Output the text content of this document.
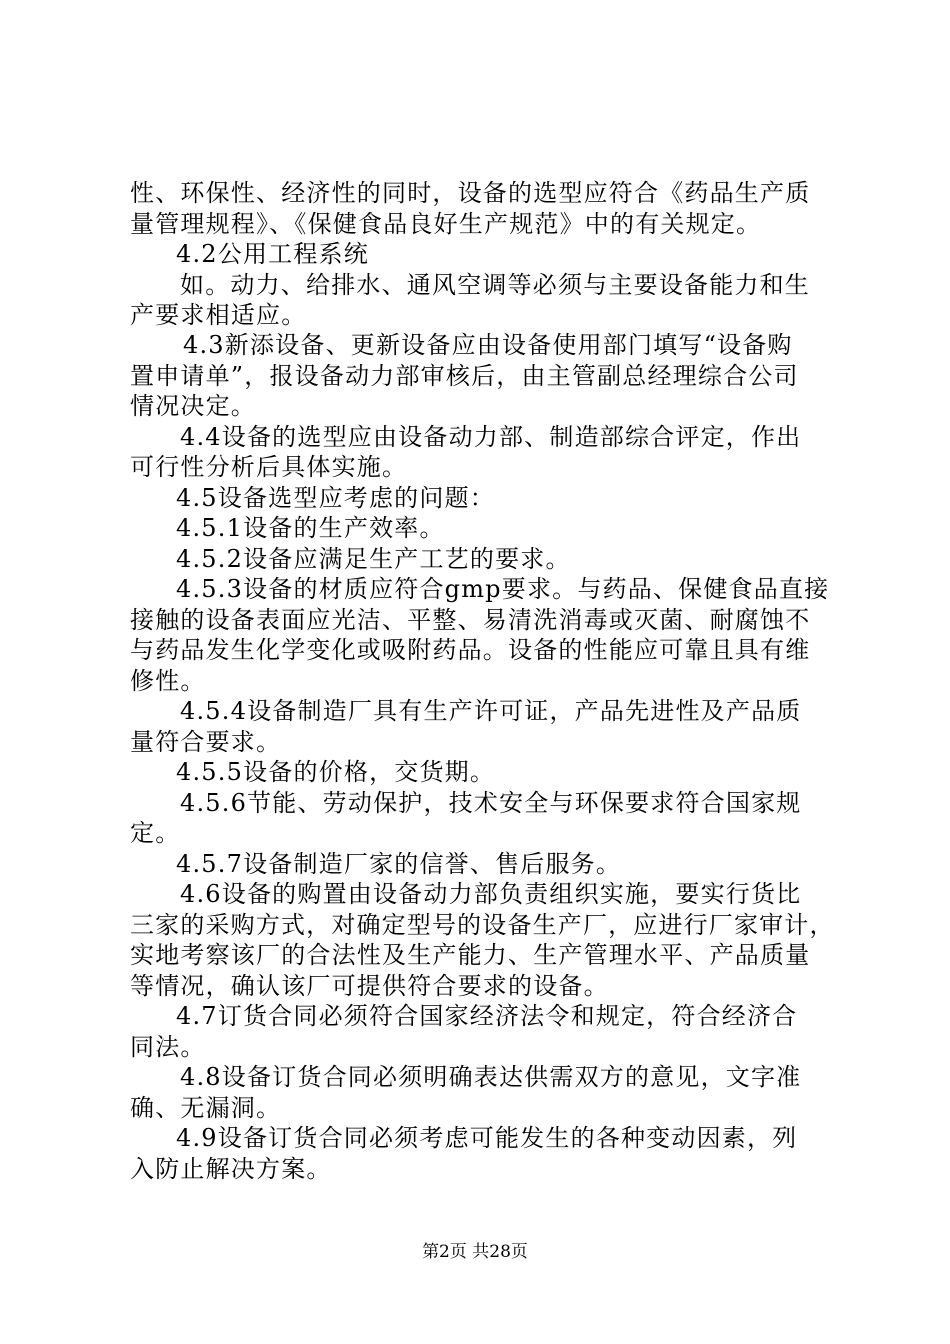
性、环保性、经济性的同时，设备的选型应符合《药品生产质
量管理规程》、《保健食品良好生产规范》中的有关规定。
4.2公用工程系统
如。动力、给排水、通风空调等必须与主要设备能力和生
产要求相适应。
4.3新添设备、更新设备应由设备使用部门填写“设备购
置申请单”，报设备动力部审核后，由主管副总经理综合公司
情况决定。
4.4设备的选型应由设备动力部、制造部综合评定，作出
可行性分析后具体实施。
4.5设备选型应考虑的问题：
4.5.1设备的生产效率。
4.5.2设备应满足生产工艺的要求。
4.5.3设备的材质应符合gmp要求。与药品、保健食品直接
接触的设备表面应光洁、平整、易清洗消毒或灭菌、耐腐蚀不
与药品发生化学变化或吸附药品。设备的性能应可靠且具有维
修性。
4.5.4设备制造厂具有生产许可证，产品先进性及产品质
量符合要求。
4.5.5设备的价格，交货期。
4.5.6节能、劳动保护，技术安全与环保要求符合国家规
定。
4.5.7设备制造厂家的信誉、售后服务。
4.6设备的购置由设备动力部负责组织实施，要实行货比
三家的采购方式，对确定型号的设备生产厂，应进行厂家审计，
实地考察该厂的合法性及生产能力、生产管理水平、产品质量
等情况，确认该厂可提供符合要求的设备。
4.7订货合同必须符合国家经济法令和规定，符合经济合
同法。
4.8设备订货合同必须明确表达供需双方的意见，文字准
确、无漏洞。
4.9设备订货合同必须考虑可能发生的各种变动因素，列
入防止解决方案。
第2页 共28页
